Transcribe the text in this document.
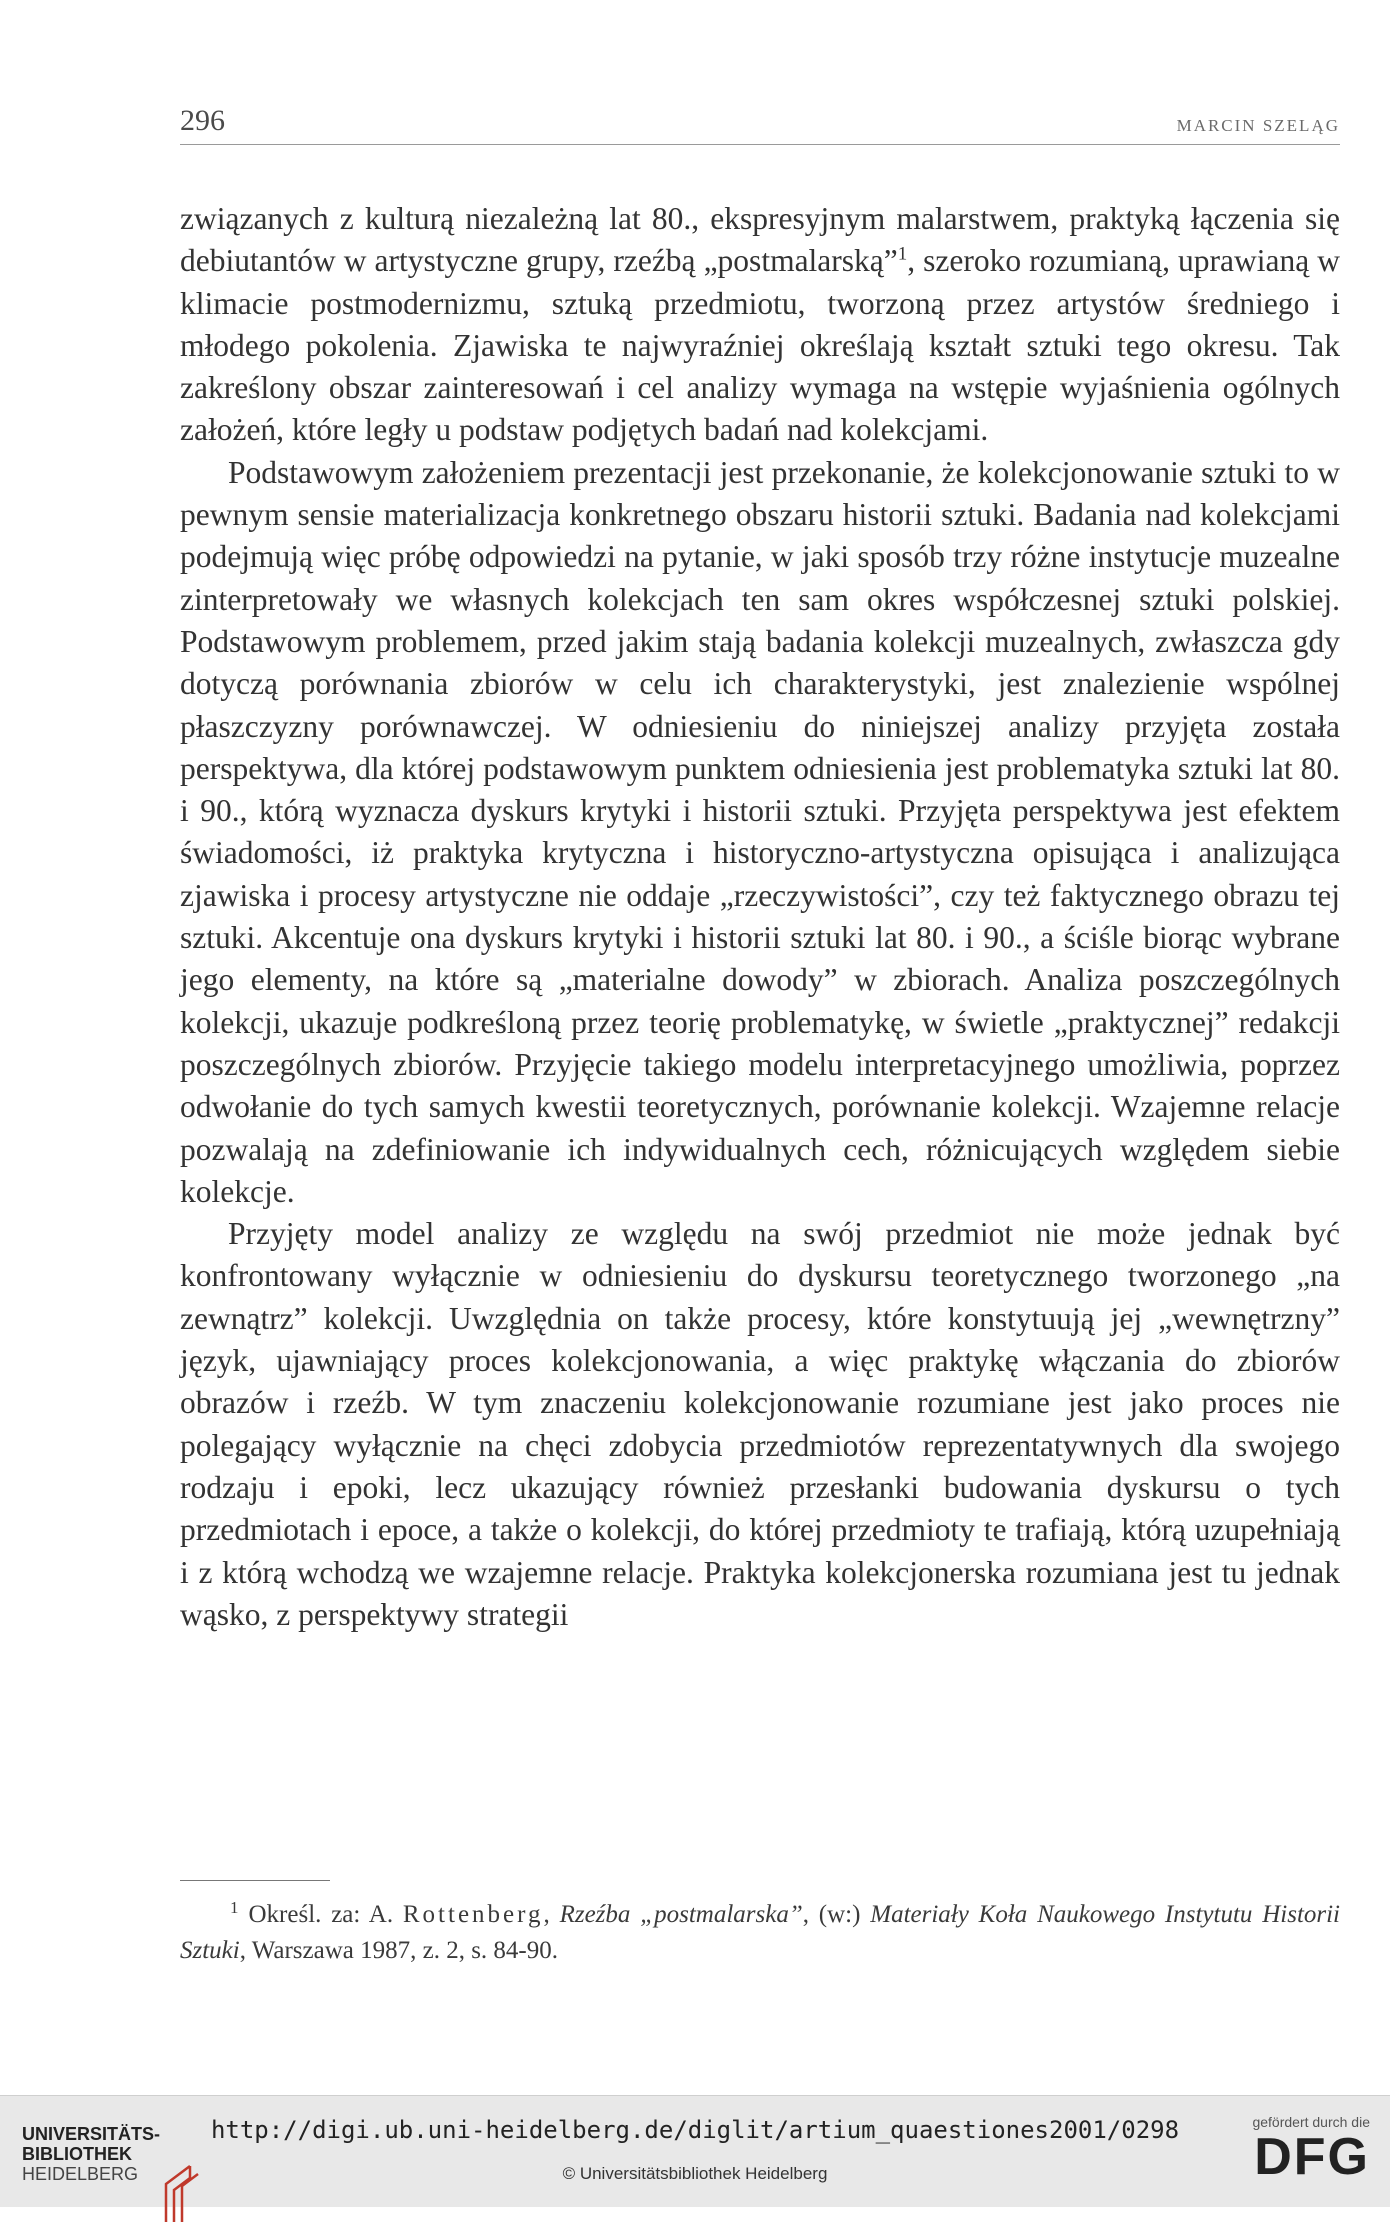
296	MARCIN SZELĄG

związanych z kulturą niezależną lat 80., ekspresyjnym malarstwem, praktyką łączenia się debiutantów w artystyczne grupy, rzeźbą „postmalarską”$^1$, szeroko rozumianą, uprawianą w klimacie postmodernizmu, sztuką przedmiotu, tworzoną przez artystów średniego i młodego pokolenia. Zjawiska te najwyraźniej określają kształt sztuki tego okresu. Tak zakreślony obszar zainteresowań i cel analizy wymaga na wstępie wyjaśnienia ogólnych założeń, które legły u podstaw podjętych badań nad kolekcjami.

Podstawowym założeniem prezentacji jest przekonanie, że kolekcjonowanie sztuki to w pewnym sensie materializacja konkretnego obszaru historii sztuki. Badania nad kolekcjami podejmują więc próbę odpowiedzi na pytanie, w jaki sposób trzy różne instytucje muzealne zinterpretowały we własnych kolekcjach ten sam okres współczesnej sztuki polskiej. Podstawowym problemem, przed jakim stają badania kolekcji muzealnych, zwłaszcza gdy dotyczą porównania zbiorów w celu ich charakterystyki, jest znalezienie wspólnej płaszczyzny porównawczej. W odniesieniu do niniejszej analizy przyjęta została perspektywa, dla której podstawowym punktem odniesienia jest problematyka sztuki lat 80. i 90., którą wyznacza dyskurs krytyki i historii sztuki. Przyjęta perspektywa jest efektem świadomości, iż praktyka krytyczna i historyczno-artystyczna opisująca i analizująca zjawiska i procesy artystyczne nie oddaje „rzeczywistości”, czy też faktycznego obrazu tej sztuki. Akcentuje ona dyskurs krytyki i historii sztuki lat 80. i 90., a ściśle biorąc wybrane jego elementy, na które są „materialne dowody” w zbiorach. Analiza poszczególnych kolekcji, ukazuje podkreśloną przez teorię problematykę, w świetle „praktycznej” redakcji poszczególnych zbiorów. Przyjęcie takiego modelu interpretacyjnego umożliwia, poprzez odwołanie do tych samych kwestii teoretycznych, porównanie kolekcji. Wzajemne relacje pozwalają na zdefiniowanie ich indywidualnych cech, różnicujących względem siebie kolekcje.

Przyjęty model analizy ze względu na swój przedmiot nie może jednak być konfrontowany wyłącznie w odniesieniu do dyskursu teoretycznego tworzonego „na zewnątrz” kolekcji. Uwzględnia on także procesy, które konstytuują jej „wewnętrzny” język, ujawniający proces kolekcjonowania, a więc praktykę włączania do zbiorów obrazów i rzeźb. W tym znaczeniu kolekcjonowanie rozumiane jest jako proces nie polegający wyłącznie na chęci zdobycia przedmiotów reprezentatywnych dla swojego rodzaju i epoki, lecz ukazujący również przesłanki budowania dyskursu o tych przedmiotach i epoce, a także o kolekcji, do której przedmioty te trafiają, którą uzupełniają i z którą wchodzą we wzajemne relacje. Praktyka kolekcjonerska rozumiana jest tu jednak wąsko, z perspektywy strategii

$^1$ Określ. za: A. Rottenberg, Rzeźba „postmalarska”, (w:) Materiały Koła Naukowego Instytutu Historii Sztuki, Warszawa 1987, z. 2, s. 84-90.
UNIVERSITÄTS-
BIBLIOTHEK
HEIDELBERG
http://digi.ub.uni-heidelberg.de/diglit/artium_quaestiones2001/0298
© Universitätsbibliothek Heidelberg
gefördert durch die
DFG
